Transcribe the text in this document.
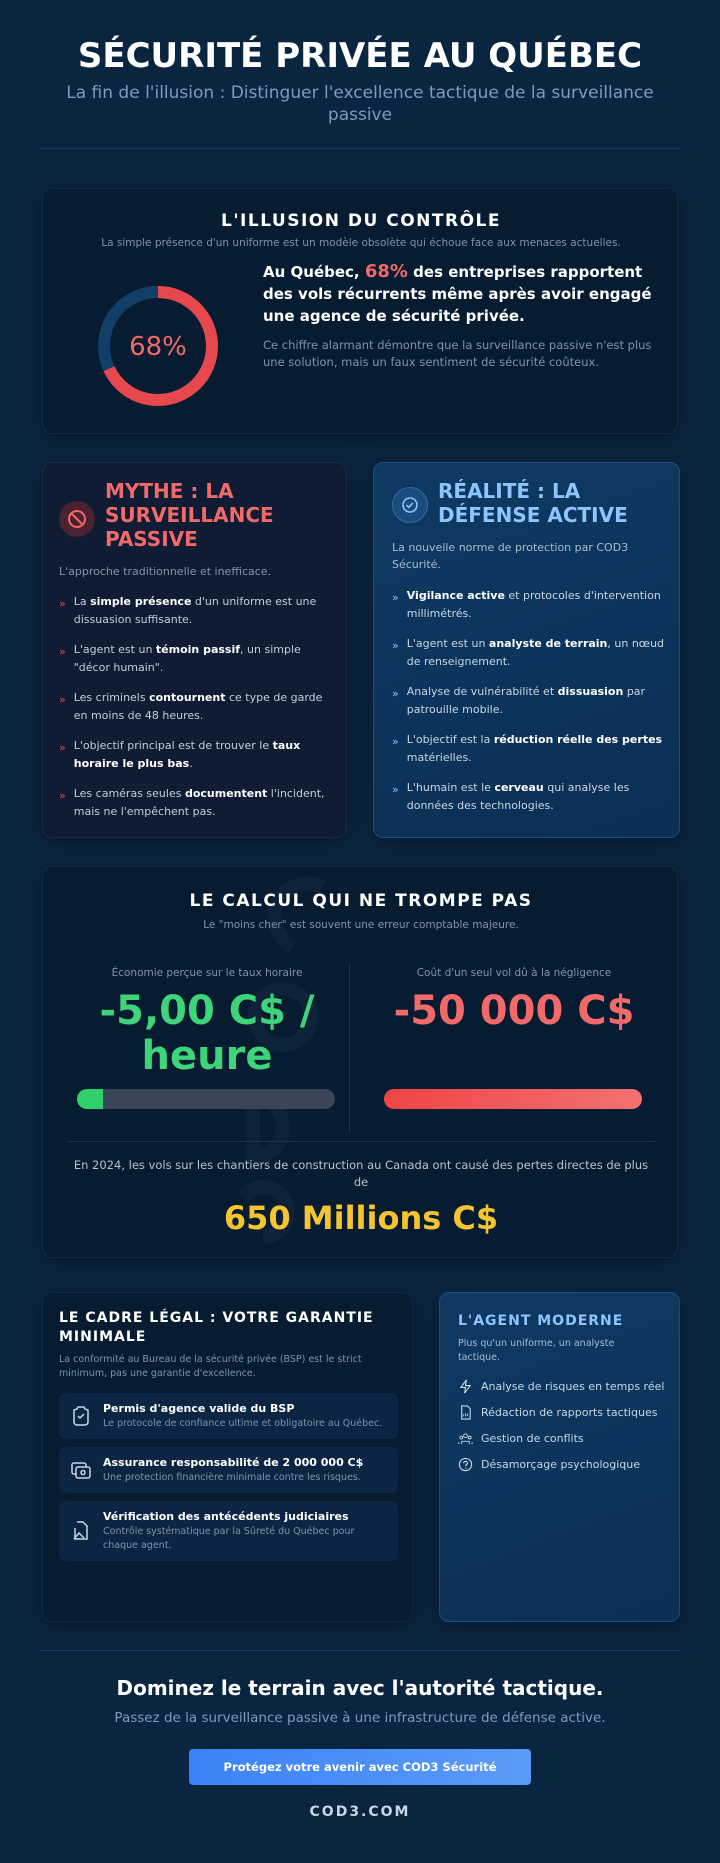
SÉCURITÉ PRIVÉE AU QUÉBEC
La fin de l'illusion : Distinguer l'excellence tactique de la surveillance passive
L'ILLUSION DU CONTRÔLE
La simple présence d'un uniforme est un modèle obsolète qui échoue face aux menaces actuelles.
68%
Au Québec, 68% des entreprises rapportent des vols récurrents même après avoir engagé une agence de sécurité privée.
Ce chiffre alarmant démontre que la surveillance passive n'est plus une solution, mais un faux sentiment de sécurité coûteux.
MYTHE : LA SURVEILLANCE PASSIVE
L'approche traditionnelle et inefficace.
» La simple présence d'un uniforme est une dissuasion suffisante.
» L'agent est un témoin passif, un simple "décor humain".
» Les criminels contournent ce type de garde en moins de 48 heures.
» L'objectif principal est de trouver le taux horaire le plus bas.
» Les caméras seules documentent l'incident, mais ne l'empêchent pas.
RÉALITÉ : LA DÉFENSE ACTIVE
La nouvelle norme de protection par COD3 Sécurité.
» Vigilance active et protocoles d'intervention millimétrés.
» L'agent est un analyste de terrain, un nœud de renseignement.
» Analyse de vulnérabilité et dissuasion par patrouille mobile.
» L'objectif est la réduction réelle des pertes matérielles.
» L'humain est le cerveau qui analyse les données des technologies.
LE CALCUL QUI NE TROMPE PAS
Le "moins cher" est souvent une erreur comptable majeure.
Économie perçue sur le taux horaire
-5,00 C$ / heure
Coût d'un seul vol dû à la négligence
-50 000 C$
En 2024, les vols sur les chantiers de construction au Canada ont causé des pertes directes de plus de
650 Millions C$
LE CADRE LÉGAL : VOTRE GARANTIE MINIMALE
La conformité au Bureau de la sécurité privée (BSP) est le strict minimum, pas une garantie d'excellence.
Permis d'agence valide du BSP
Le protocole de confiance ultime et obligatoire au Québec.
Assurance responsabilité de 2 000 000 C$
Une protection financière minimale contre les risques.
Vérification des antécédents judiciaires
Contrôle systématique par la Sûreté du Québec pour chaque agent.
L'AGENT MODERNE
Plus qu'un uniforme, un analyste tactique.
Analyse de risques en temps réel
Rédaction de rapports tactiques
Gestion de conflits
Désamorçage psychologique
Dominez le terrain avec l'autorité tactique.
Passez de la surveillance passive à une infrastructure de défense active.
Protégez votre avenir avec COD3 Sécurité
COD3.COM
